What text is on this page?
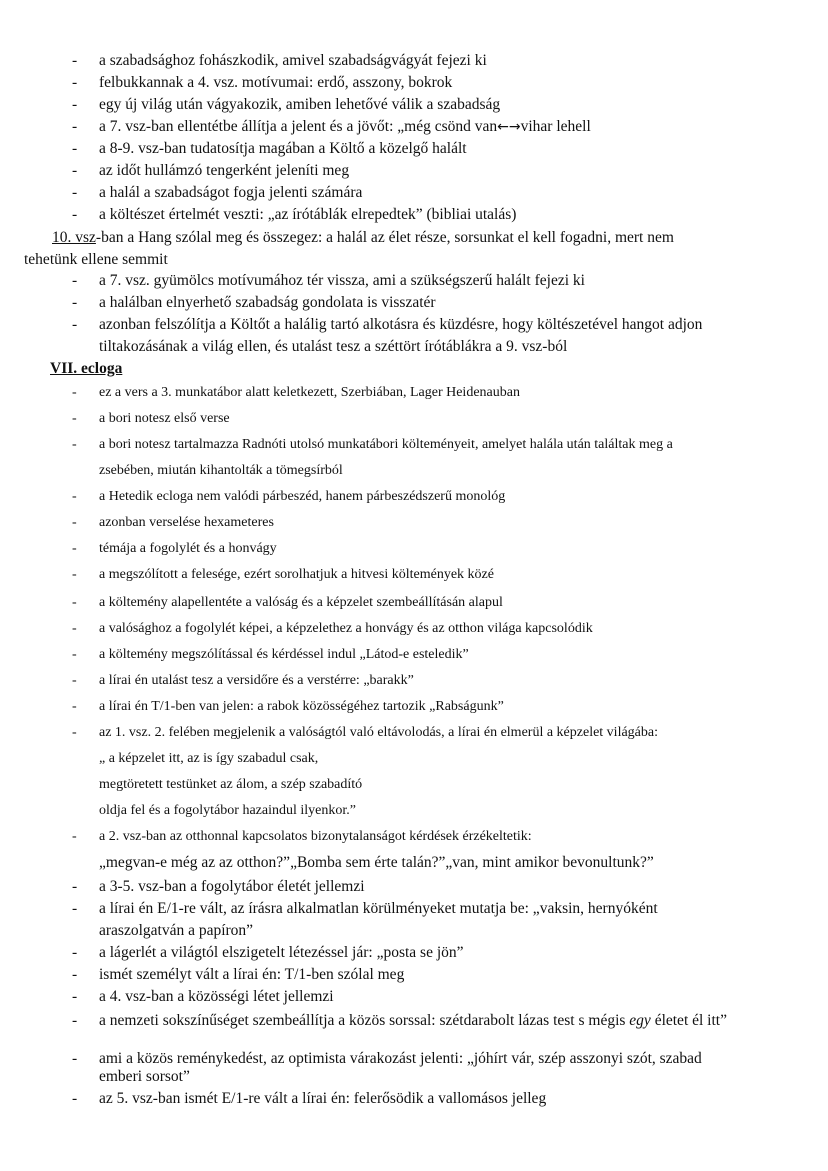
- a szabadsághoz fohászkodik, amivel szabadságvágyát fejezi ki
- felbukkannak a 4. vsz. motívumai: erdő, asszony, bokrok
- egy új világ után vágyakozik, amiben lehetővé válik a szabadság
- a 7. vsz-ban ellentétbe állítja a jelent és a jövőt: „még csönd van←→vihar lehell
- a 8-9. vsz-ban tudatosítja magában a Költő a közelgő halált
- az időt hullámzó tengerként jeleníti meg
- a halál a szabadságot fogja jelenti számára
- a költészet értelmét veszti: „az írótáblák elrepedtek” (bibliai utalás)
10. vsz-ban a Hang szólal meg és összegez: a halál az élet része, sorsunkat el kell fogadni, mert nem
tehetünk ellene semmit
- a 7. vsz. gyümölcs motívumához tér vissza, ami a szükségszerű halált fejezi ki
- a halálban elnyerhető szabadság gondolata is visszatér
- azonban felszólítja a Költőt a halálig tartó alkotásra és küzdésre, hogy költészetével hangot adjon
tiltakozásának a világ ellen, és utalást tesz a széttört írótáblákra a 9. vsz-ból
VII. ecloga
- ez a vers a 3. munkatábor alatt keletkezett, Szerbiában, Lager Heidenauban
- a bori notesz első verse
- a bori notesz tartalmazza Radnóti utolsó munkatábori költeményeit, amelyet halála után találtak meg a
zsebében, miután kihantolták a tömegsírból
- a Hetedik ecloga nem valódi párbeszéd, hanem párbeszédszerű monológ
- azonban verselése hexameteres
- témája a fogolylét és a honvágy
- a megszólított a felesége, ezért sorolhatjuk a hitvesi költemények közé
- a költemény alapellentéte a valóság és a képzelet szembeállításán alapul
- a valósághoz a fogolylét képei, a képzelethez a honvágy és az otthon világa kapcsolódik
- a költemény megszólítással és kérdéssel indul „Látod-e esteledik”
- a lírai én utalást tesz a versidőre és a verstérre: „barakk”
- a lírai én T/1-ben van jelen: a rabok közösségéhez tartozik „Rabságunk”
- az 1. vsz. 2. felében megjelenik a valóságtól való eltávolodás, a lírai én elmerül a képzelet világába:
„ a képzelet itt, az is így szabadul csak,
megtöretett testünket az álom, a szép szabadító
oldja fel és a fogolytábor hazaindul ilyenkor.”
- a 2. vsz-ban az otthonnal kapcsolatos bizonytalanságot kérdések érzékeltetik:
„megvan-e még az az otthon?”„Bomba sem érte talán?”„van, mint amikor bevonultunk?”
- a 3-5. vsz-ban a fogolytábor életét jellemzi
- a lírai én E/1-re vált, az írásra alkalmatlan körülményeket mutatja be: „vaksin, hernyóként
araszolgatván a papíron”
- a lágerlét a világtól elszigetelt létezéssel jár: „posta se jön”
- ismét személyt vált a lírai én: T/1-ben szólal meg
- a 4. vsz-ban a közösségi létet jellemzi
- a nemzeti sokszínűséget szembeállítja a közös sorssal: szétdarabolt lázas test s mégis egy életet él itt”
- ami a közös reménykedést, az optimista várakozást jelenti: „jóhírt vár, szép asszonyi szót, szabad
emberi sorsot”
- az 5. vsz-ban ismét E/1-re vált a lírai én: felerősödik a vallomásos jelleg
